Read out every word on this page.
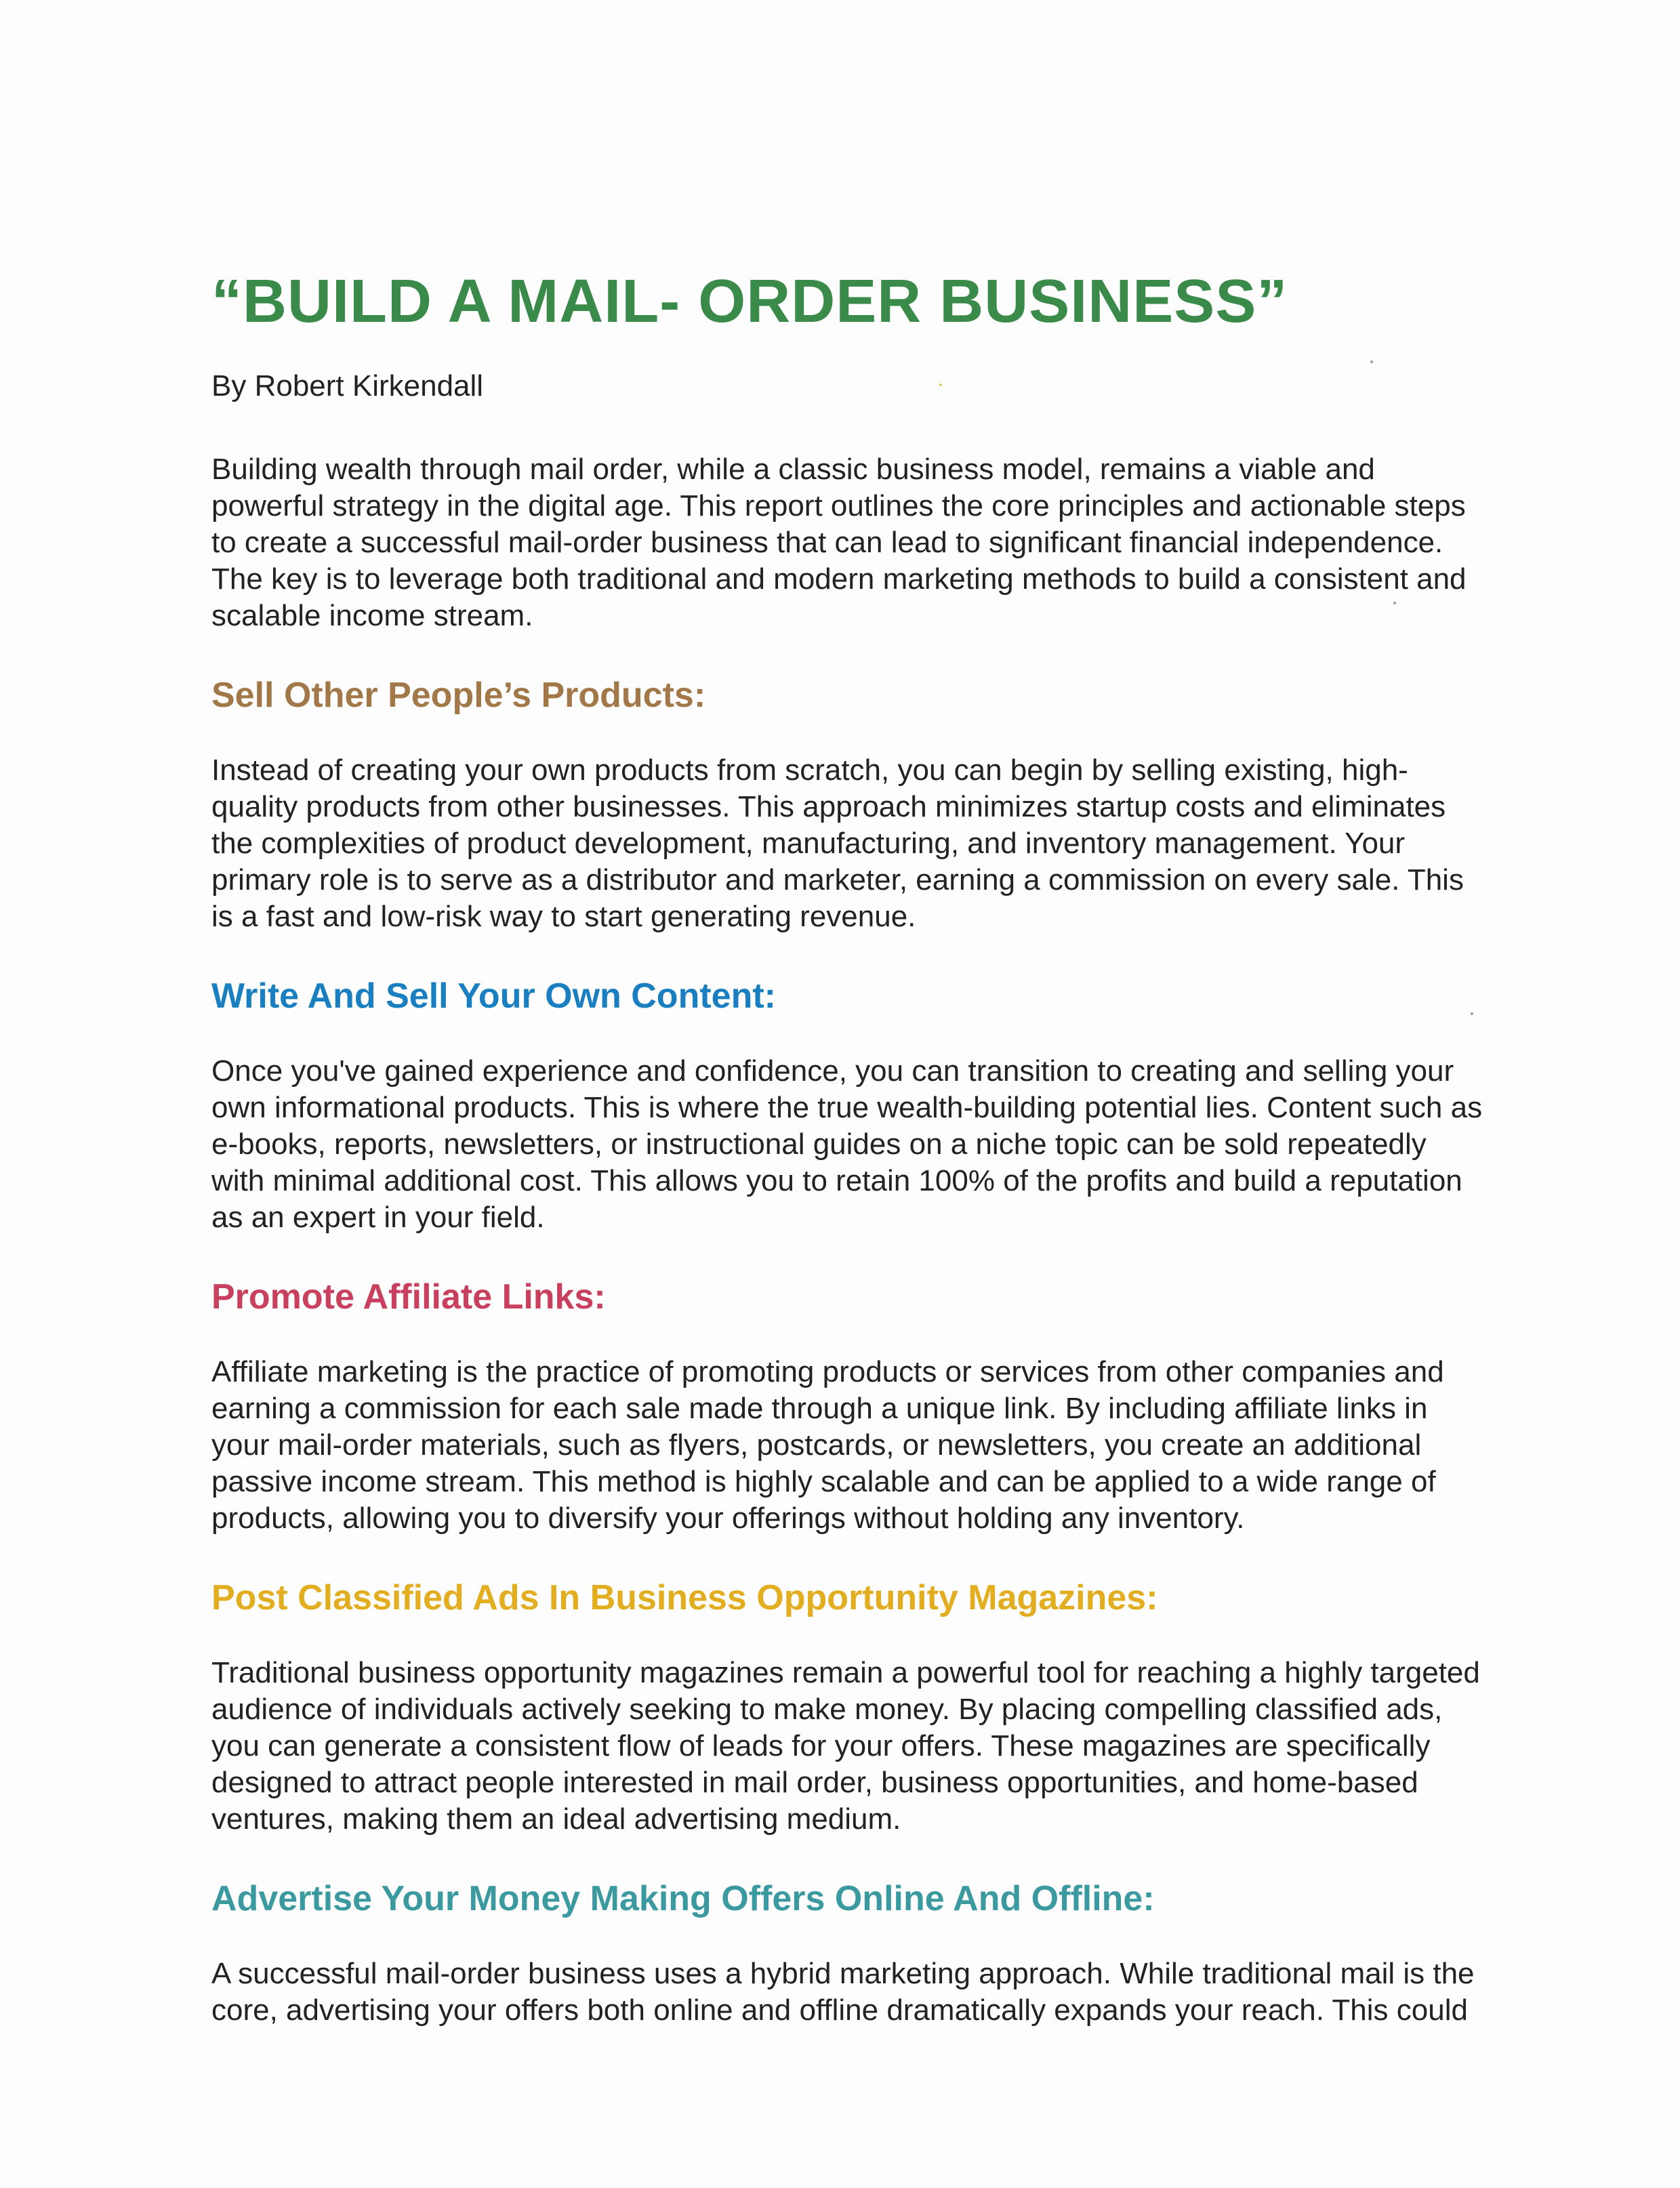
“BUILD A MAIL- ORDER BUSINESS”

By Robert Kirkendall

Building wealth through mail order, while a classic business model, remains a viable and powerful strategy in the digital age. This report outlines the core principles and actionable steps to create a successful mail-order business that can lead to significant financial independence. The key is to leverage both traditional and modern marketing methods to build a consistent and scalable income stream.

Sell Other People’s Products:

Instead of creating your own products from scratch, you can begin by selling existing, high-quality products from other businesses. This approach minimizes startup costs and eliminates the complexities of product development, manufacturing, and inventory management. Your primary role is to serve as a distributor and marketer, earning a commission on every sale. This is a fast and low-risk way to start generating revenue.

Write And Sell Your Own Content:

Once you've gained experience and confidence, you can transition to creating and selling your own informational products. This is where the true wealth-building potential lies. Content such as e-books, reports, newsletters, or instructional guides on a niche topic can be sold repeatedly with minimal additional cost. This allows you to retain 100% of the profits and build a reputation as an expert in your field.

Promote Affiliate Links:

Affiliate marketing is the practice of promoting products or services from other companies and earning a commission for each sale made through a unique link. By including affiliate links in your mail-order materials, such as flyers, postcards, or newsletters, you create an additional passive income stream. This method is highly scalable and can be applied to a wide range of products, allowing you to diversify your offerings without holding any inventory.

Post Classified Ads In Business Opportunity Magazines:

Traditional business opportunity magazines remain a powerful tool for reaching a highly targeted audience of individuals actively seeking to make money. By placing compelling classified ads, you can generate a consistent flow of leads for your offers. These magazines are specifically designed to attract people interested in mail order, business opportunities, and home-based ventures, making them an ideal advertising medium.

Advertise Your Money Making Offers Online And Offline:

A successful mail-order business uses a hybrid marketing approach. While traditional mail is the core, advertising your offers both online and offline dramatically expands your reach. This could
